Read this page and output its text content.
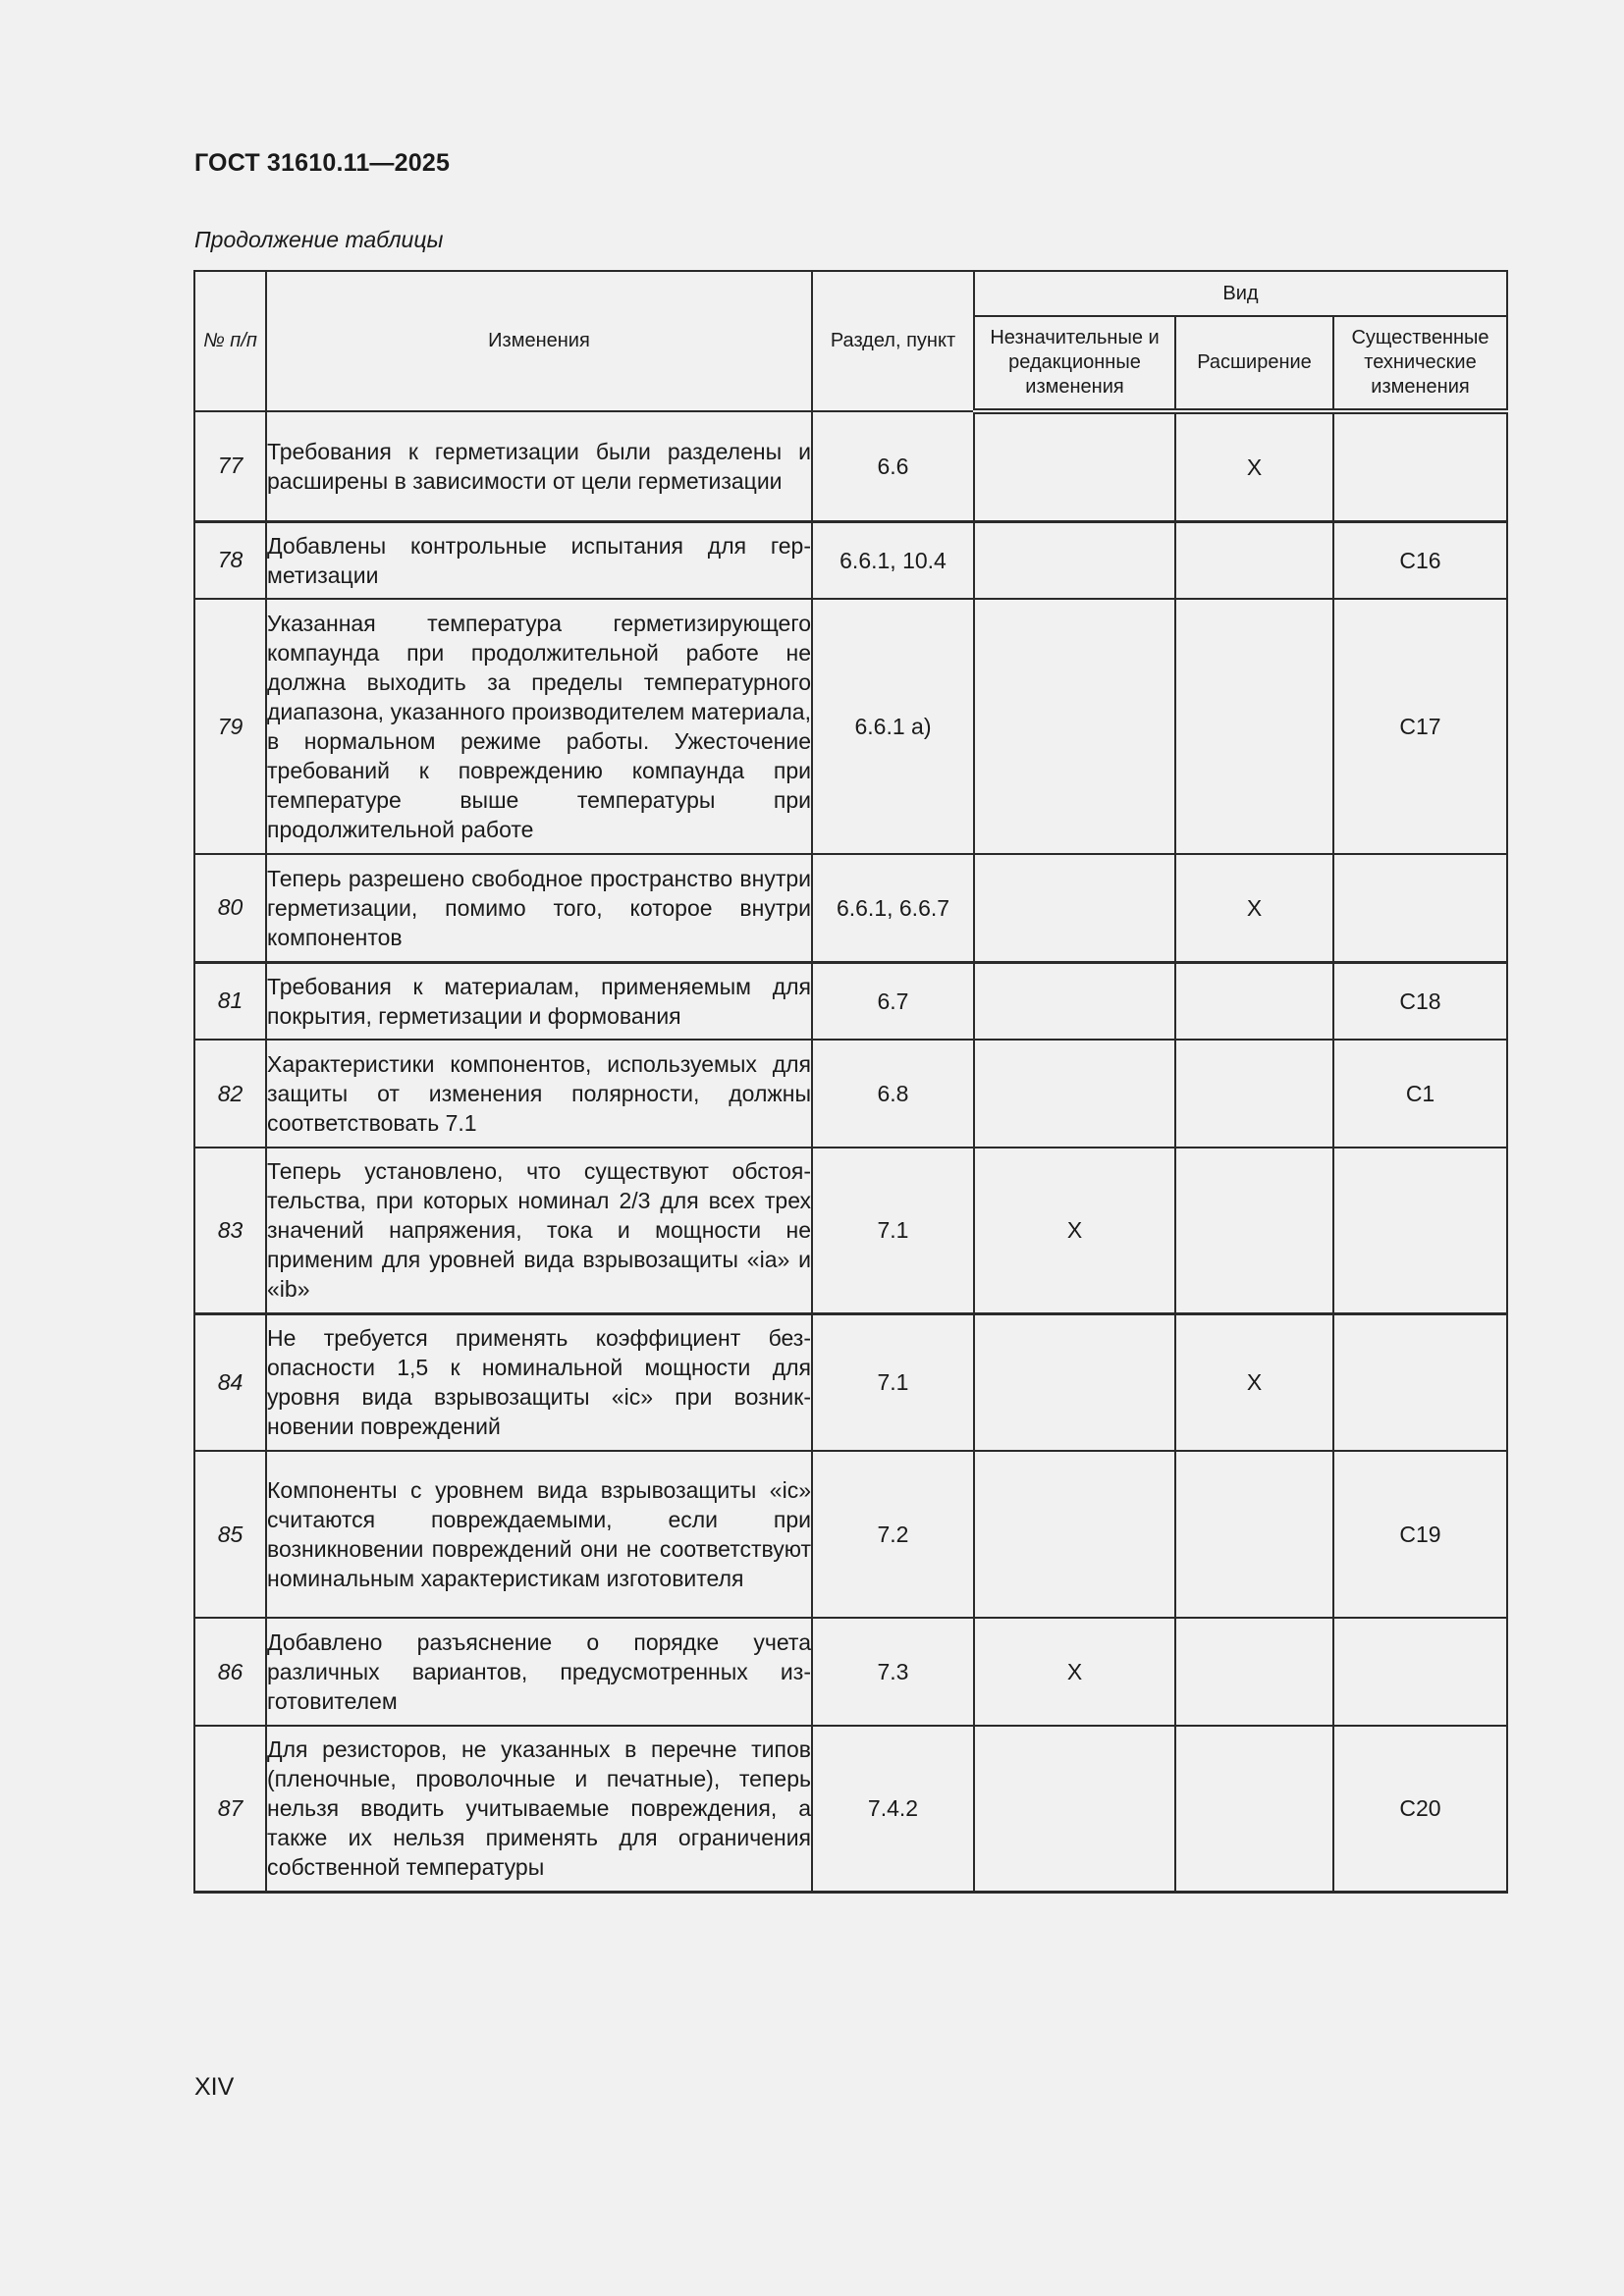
ГОСТ 31610.11—2025
Продолжение таблицы
№ п/п	Изменения	Раздел, пункт	Вид		
			Незначительные и редакционные изменения	Расширение	Существенные технические изменения
77	Требования к герметизации были разделены и расширены в зависимости от цели герметизации	6.6		X	
78	Добавлены контрольные испытания для герметизации	6.6.1, 10.4			C16
79	Указанная температура герметизирующего компаунда при продолжительной работе не должна выходить за пределы температурного диапазона, указанного производителем материала, в нормальном режиме работы. Ужесточение требований к повреждению компаунда при температуре выше температуры при продолжительной работе	6.6.1 a)			C17
80	Теперь разрешено свободное пространство внутри герметизации, помимо того, которое внутри компонентов	6.6.1, 6.6.7		X	
81	Требования к материалам, применяемым для покрытия, герметизации и формования	6.7			C18
82	Характеристики компонентов, используемых для защиты от изменения полярности, должны соответствовать 7.1	6.8			C1
83	Теперь установлено, что существуют обстоятельства, при которых номинал 2/3 для всех трех значений напряжения, тока и мощности не применим для уровней вида взрывозащиты «ia» и «ib»	7.1	X		
84	Не требуется применять коэффициент безопасности 1,5 к номинальной мощности для уровня вида взрывозащиты «ic» при возникновении повреждений	7.1		X	
85	Компоненты с уровнем вида взрывозащиты «ic» считаются повреждаемыми, если при возникновении повреждений они не соответствуют номинальным характеристикам изготовителя	7.2			C19
86	Добавлено разъяснение о порядке учета различных вариантов, предусмотренных изготовителем	7.3	X		
87	Для резисторов, не указанных в перечне типов (пленочные, проволочные и печатные), теперь нельзя вводить учитываемые повреждения, а также их нельзя применять для ограничения собственной температуры	7.4.2			C20
XIV
